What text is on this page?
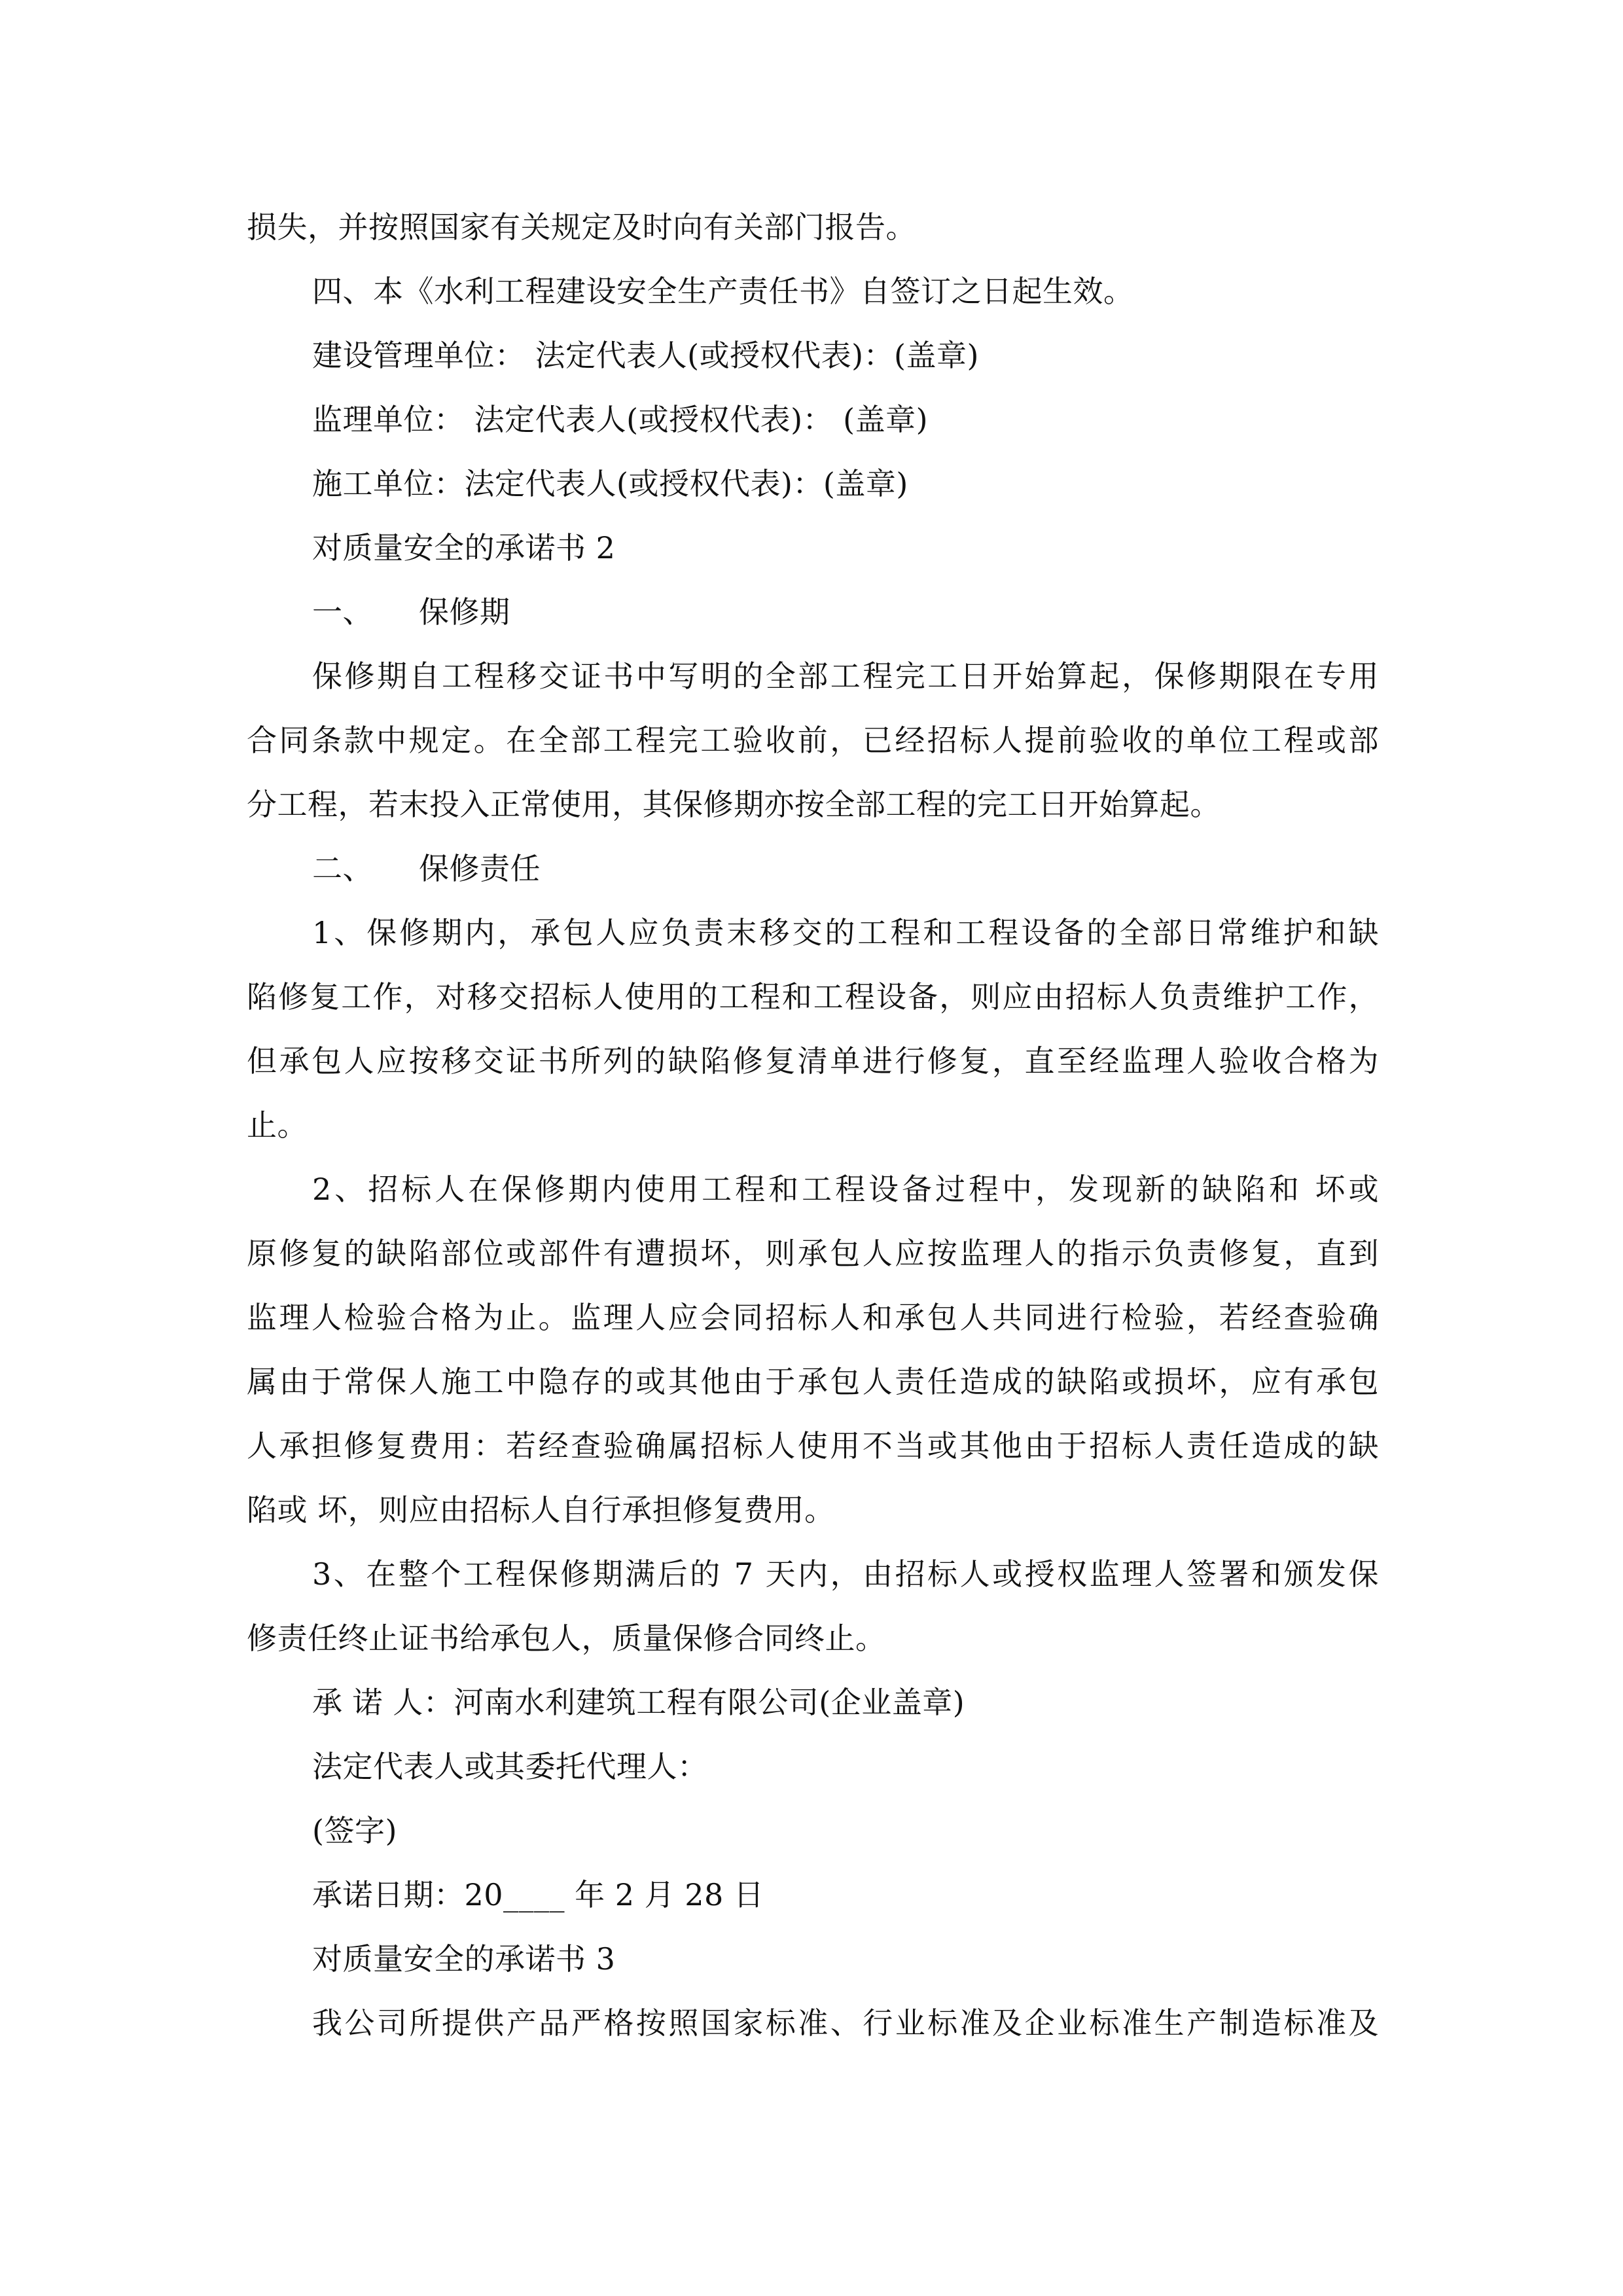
损失，并按照国家有关规定及时向有关部门报告。
四、本《水利工程建设安全生产责任书》自签订之日起生效。
建设管理单位： 法定代表人(或授权代表)：(盖章)
监理单位： 法定代表人(或授权代表)： (盖章)
施工单位：法定代表人(或授权代表)：(盖章)
对质量安全的承诺书 2
一、 保修期
保修期自工程移交证书中写明的全部工程完工日开始算起，保修期限在专用
合同条款中规定。在全部工程完工验收前，已经招标人提前验收的单位工程或部
分工程，若末投入正常使用，其保修期亦按全部工程的完工日开始算起。
二、 保修责任
1、保修期内，承包人应负责末移交的工程和工程设备的全部日常维护和缺
陷修复工作，对移交招标人使用的工程和工程设备，则应由招标人负责维护工作，
但承包人应按移交证书所列的缺陷修复清单进行修复，直至经监理人验收合格为
止。
2、招标人在保修期内使用工程和工程设备过程中，发现新的缺陷和 坏或
原修复的缺陷部位或部件有遭损坏，则承包人应按监理人的指示负责修复，直到
监理人检验合格为止。监理人应会同招标人和承包人共同进行检验，若经查验确
属由于常保人施工中隐存的或其他由于承包人责任造成的缺陷或损坏，应有承包
人承担修复费用：若经查验确属招标人使用不当或其他由于招标人责任造成的缺
陷或 坏，则应由招标人自行承担修复费用。
3、在整个工程保修期满后的 7 天内，由招标人或授权监理人签署和颁发保
修责任终止证书给承包人，质量保修合同终止。
承 诺 人：河南水利建筑工程有限公司(企业盖章)
法定代表人或其委托代理人：
(签字)
承诺日期：20____ 年 2 月 28 日
对质量安全的承诺书 3
我公司所提供产品严格按照国家标准、行业标准及企业标准生产制造标准及
